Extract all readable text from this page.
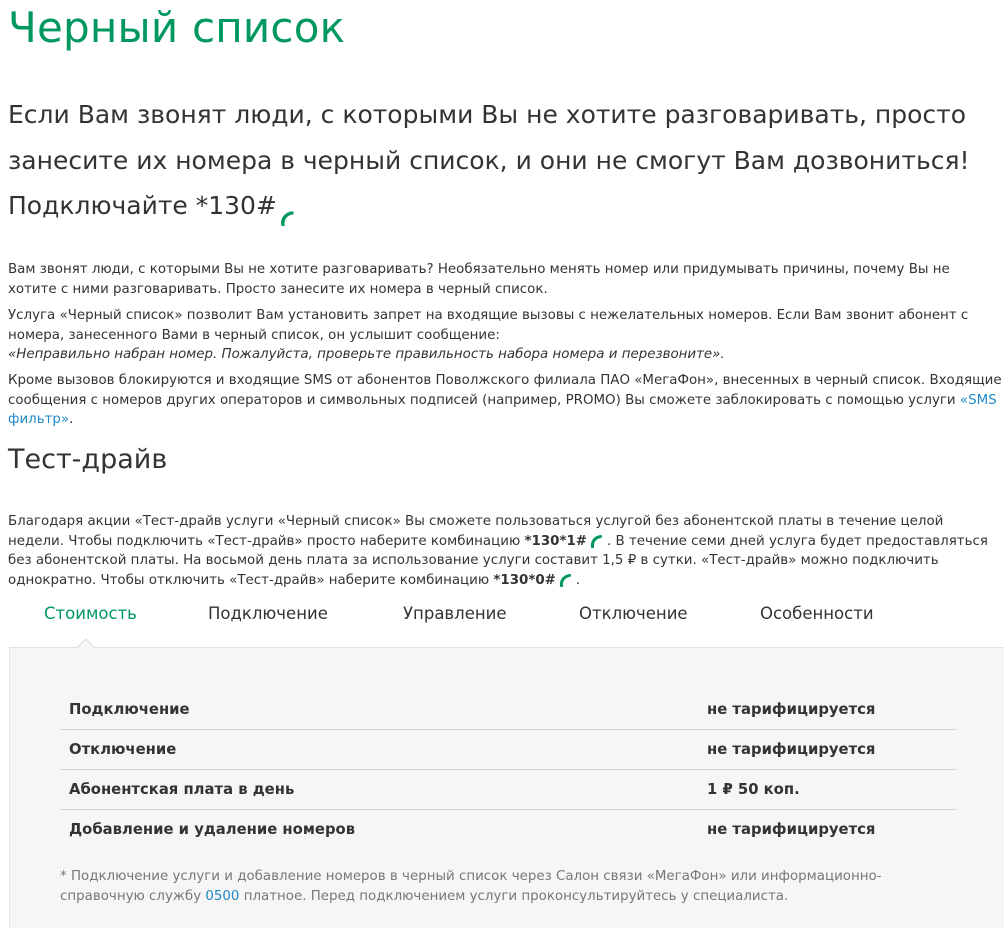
Черный список

Если Вам звонят люди, с которыми Вы не хотите разговаривать, просто занесите их номера в черный список, и они не смогут Вам дозвониться!

Подключайте *130#

Вам звонят люди, с которыми Вы не хотите разговаривать? Необязательно менять номер или придумывать причины, почему Вы не хотите с ними разговаривать. Просто занесите их номера в черный список.

Услуга «Черный список» позволит Вам установить запрет на входящие вызовы с нежелательных номеров. Если Вам звонит абонент с номера, занесенного Вами в черный список, он услышит сообщение:
«Неправильно набран номер. Пожалуйста, проверьте правильность набора номера и перезвоните».

Кроме вызовов блокируются и входящие SMS от абонентов Поволжского филиала ПАО «МегаФон», внесенных в черный список. Входящие сообщения с номеров других операторов и символьных подписей (например, PROMO) Вы сможете заблокировать с помощью услуги «SMS фильтр».

Тест-драйв

Благодаря акции «Тест-драйв услуги «Черный список» Вы сможете пользоваться услугой без абонентской платы в течение целой недели. Чтобы подключить «Тест-драйв» просто наберите комбинацию *130*1# . В течение семи дней услуга будет предоставляться без абонентской платы. На восьмой день плата за использование услуги составит 1,5 ₽ в сутки. «Тест-драйв» можно подключить однократно. Чтобы отключить «Тест-драйв» наберите комбинацию *130*0# .

Стоимость	Подключение	Управление	Отключение	Особенности
Подключение	не тарифицируется
Отключение	не тарифицируется
Абонентская плата в день	1 ₽ 50 коп.
Добавление и удаление номеров	не тарифицируется

* Подключение услуги и добавление номеров в черный список через Салон связи «МегаФон» или информационно-справочную службу 0500 платное. Перед подключением услуги проконсультируйтесь у специалиста.
